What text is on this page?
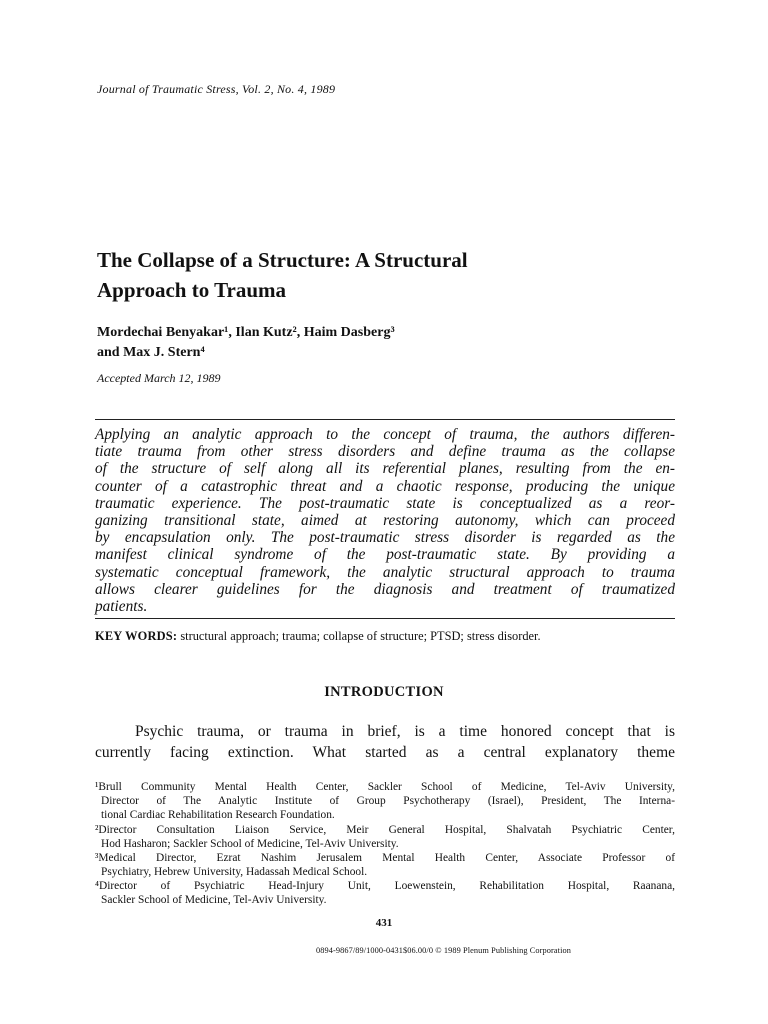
Journal of Traumatic Stress, Vol. 2, No. 4, 1989
The Collapse of a Structure: A Structural
Approach to Trauma
Mordechai Benyakar¹, Ilan Kutz², Haim Dasberg³
and Max J. Stern⁴
Accepted March 12, 1989
Applying an analytic approach to the concept of trauma, the authors differen-
tiate trauma from other stress disorders and define trauma as the collapse
of the structure of self along all its referential planes, resulting from the en-
counter of a catastrophic threat and a chaotic response, producing the unique
traumatic experience. The post-traumatic state is conceptualized as a reor-
ganizing transitional state, aimed at restoring autonomy, which can proceed
by encapsulation only. The post-traumatic stress disorder is regarded as the
manifest clinical syndrome of the post-traumatic state. By providing a
systematic conceptual framework, the analytic structural approach to trauma
allows clearer guidelines for the diagnosis and treatment of traumatized
patients.
KEY WORDS: structural approach; trauma; collapse of structure; PTSD; stress disorder.
INTRODUCTION
Psychic trauma, or trauma in brief, is a time honored concept that is
currently facing extinction. What started as a central explanatory theme
¹Brull Community Mental Health Center, Sackler School of Medicine, Tel-Aviv University,
Director of The Analytic Institute of Group Psychotherapy (Israel), President, The Interna-
tional Cardiac Rehabilitation Research Foundation.
²Director Consultation Liaison Service, Meir General Hospital, Shalvatah Psychiatric Center,
Hod Hasharon; Sackler School of Medicine, Tel-Aviv University.
³Medical Director, Ezrat Nashim Jerusalem Mental Health Center, Associate Professor of
Psychiatry, Hebrew University, Hadassah Medical School.
⁴Director of Psychiatric Head-Injury Unit, Loewenstein, Rehabilitation Hospital, Raanana,
Sackler School of Medicine, Tel-Aviv University.
431
0894-9867/89/1000-0431$06.00/0 © 1989 Plenum Publishing Corporation
